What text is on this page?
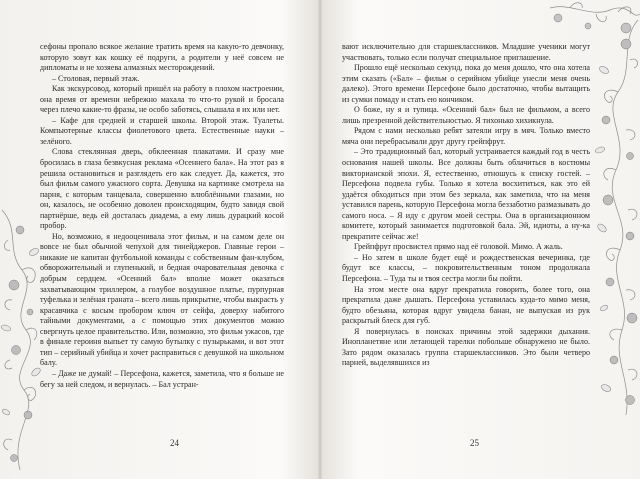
сефоны пропало всякое желание тратить время на какую-то девчонку, которую зовут как кошку её подруги, а родители у неё совсем не дипломаты и не хозяева алмазных месторождений.

– Столовая, первый этаж.

Как экскурсовод, который пришёл на работу в плохом настроении, она время от времени небрежно махала то что-то рукой и бросала через плечо какие-то фразы, не особо заботясь, слышала я их или нет.

– Кафе для средней и старшей школы. Второй этаж. Туалеты. Компьютерные классы фиолетового цвета. Естественные науки – зелёного.

Слова стеклянная дверь, обклеенная плакатами. И сразу мне бросилась в глаза безвкусная реклама «Осеннего бала». На этот раз я решила остановиться и разглядеть его как следует. Да, кажется, это был фильм самого ужасного сорта. Девушка на картинке смотрела на парня, с которым танцевала, совершенно влюблёнными глазами, но он, казалось, не особенно доволен происходящим, будто завидя свой партнёрше, ведь ей досталась диадема, а ему лишь дурацкий косой пробор.

Но, возможно, я недооценивала этот фильм, и на самом деле он вовсе не был обычной чепухой для тинейджеров. Главные герои – никакие не капитан футбольной команды с собственным фан-клубом, обворожительный и глупенький, и бедная очаровательная девочка с добрым сердцем. «Осенний бал» вполне может оказаться захватывающим триллером, а голубое воздушное платье, пурпурная туфелька и зелёная граната – всего лишь прикрытие, чтобы выкрасть у красавчика с косым пробором ключ от сейфа, доверху набитого тайными документами, а с помощью этих документов можно свергнуть целое правительство. Или, возможно, это фильм ужасов, где в финале героиня выпьет ту самую бутылку с пузырьками, и вот этот тип – серийный убийца и хочет расправиться с девушкой на школьном балу.

– Даже не думай! – Персефона, кажется, заметила, что я больше не бегу за ней следом, и вернулась. – Бал устран-

24

вают исключительно для старшеклассников. Младшие ученики могут участвовать, только если получат специальное приглашение.

Прошло ещё несколько секунд, пока до меня дошло, что она хотела этим сказать («Бал» – фильм о серийном убийце унесли меня очень далеко). Этого времени Персефоне было достаточно, чтобы вытащить из сумки помаду и стать ею кончиком.

О боже, ну я и тупица. «Осенний бал» был не фильмом, а всего лишь презренной действительностью. Я тихонько хихикнула.

Рядом с нами несколько ребят затеяли игру в мяч. Только вместо мяча они перебрасывали друг другу грейпфрут.

– Это традиционный бал, который устраивается каждый год в честь основания нашей школы. Все должны быть облачиться в костюмы викторианской эпохи. Я, естественно, отношусь к списку гостей. – Персефона подвела губы. Только я хотела восхититься, как это ей удаётся обходиться при этом без зеркала, как заметила, что на меня уставился парень, которую Персефона могла беззаботно размазывать до самого носа. – Я иду с другом моей сестры. Она в организационном комитете, который занимается подготовкой бала. Эй, идиоты, а ну-ка прекратите сейчас же!

Грейпфрут просвистел прямо над её головой. Мимо. А жаль.

– Но затем в школе будет ещё и рождественская вечеринка, где будут все классы, – покровительственным тоном продолжала Персефона. – Туда ты и твоя сестра могли бы пойти.

На этом месте она вдруг прекратила говорить, более того, она прекратила даже дышать. Персефона уставилась куда-то мимо меня, будто обезьяна, которая вдруг увидела банан, не выпуская из рук раскрытый блеск для губ.

Я повернулась в поисках причины этой задержки дыхания. Инопланетяне или летающей тарелки побольше обнаружено не было. Зато рядом оказалась группа старшеклассников. Это были четверо парней, выделявшихся из

25
